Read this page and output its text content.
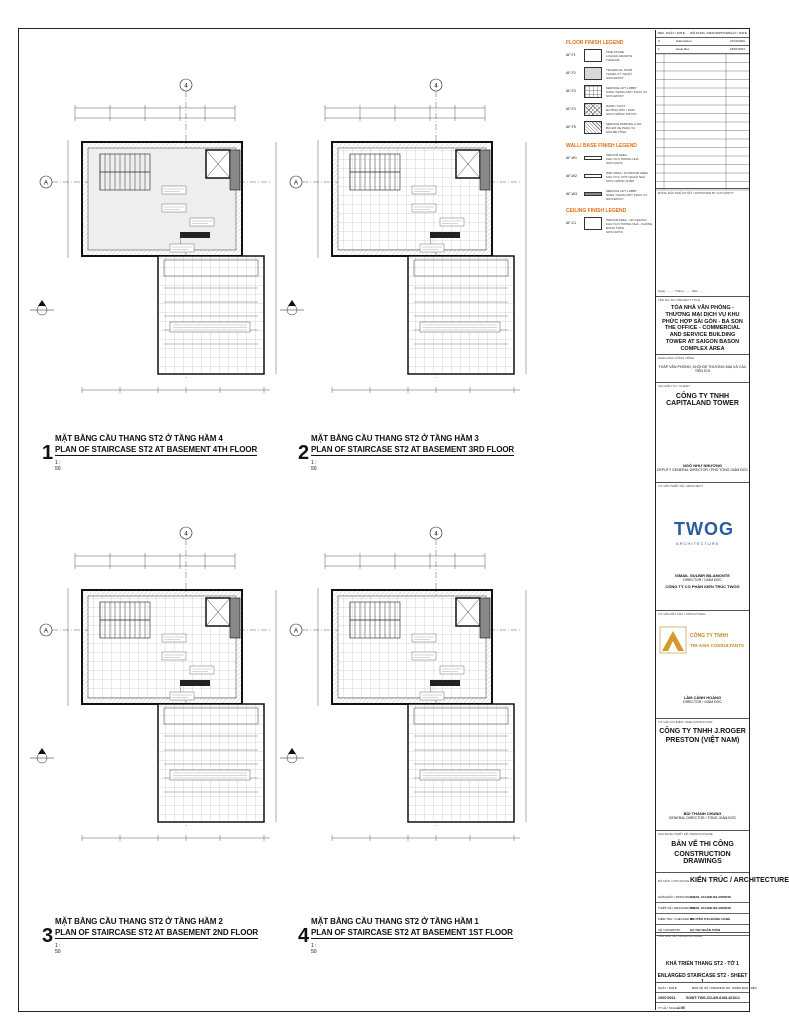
4
A
4
A
4
A
4
A
1
MẶT BẰNG CẦU THANG ST2 Ở TẦNG HẦM 4
PLAN OF STAIRCASE ST2 AT BASEMENT 4TH FLOOR
1 : 50
2
MẶT BẰNG CẦU THANG ST2 Ở TẦNG HẦM 3
PLAN OF STAIRCASE ST2 AT BASEMENT 3RD FLOOR
1 : 50
3
MẶT BẰNG CẦU THANG ST2 Ở TẦNG HẦM 2
PLAN OF STAIRCASE ST2 AT BASEMENT 2ND FLOOR
1 : 50
4
MẶT BẰNG CẦU THANG ST2 Ở TẦNG HẦM 1
PLAN OF STAIRCASE ST2 AT BASEMENT 1ST FLOOR
1 : 50
FLOOR FINISH LEGEND
AF-F1
FINE STONE
LOẠI ĐÁ GRANITE
THẢM ĐÁ
AF-F2
TECHNICAL STAIR
THANG KỸ THUẬT
SƠN EPOXY
AF-F3
SERVICE LIFT LOBBY
SẢNH THANG MÁY PHỤC VỤ
SƠN EPOXY
AF-F4
RAMP / FOOT
ĐƯỜNG DỐC / RAM
SƠN CHỐNG TRƯỢT
AF-F5
SERVICE PARKING & GR.
BÃI ĐỖ XE PHỤC VỤ
SÀN BÊ TÔNG
WALL/ BASE FINISH LEGEND
AF-W1
INDOOR AREA
KHU VỰC TRONG NHÀ
SƠN NƯỚC
AF-W2
WET AREA / OUTDOOR AREA
KHU VỰC ƯỚT NGOÀI NHÀ
SƠN CHỐNG THẤM
AF-W3
SERVICE LIFT LOBBY
SẢNH THANG MÁY PHỤC VỤ
SƠN EPOXY
CEILING FINISH LEGEND
AF-C1
INDOOR AREA - NO CEILING
KHU VỰC TRONG NHÀ - KHÔNG ĐÓNG TRẦN
SƠN NƯỚC
REV NGÀY / DATE NỘI DUNG / DESCRIPTION NGÀY / DATE
0	Submission	27/11/2020
1	Issue Rev	19/07/2021
ĐÓNG DẤU PHÊ DUYỆT / APPROVED BY AUTHORITY
Ngày .......... Tháng ........ Năm ........
TÊN DỰ ÁN / PROJECT TITLE
TÒA NHÀ VĂN PHÒNG - THƯƠNG MẠI DỊCH VỤ KHU PHỨC HỢP SÀI GÒN - BA SON
THE OFFICE - COMMERCIAL AND SERVICE BUILDING TOWER AT SAIGON BASON COMPLEX AREA
HẠNG MỤC CÔNG TRÌNH
THÁP VĂN PHÒNG, KHỐI ĐẾ THƯƠNG MẠI VÀ CÁC TIỆN ÍCH
CHỦ ĐẦU TƯ / CLIENT
CÔNG TY TNHH CAPITALAND TOWER
NGÔ NHƯ NHƯƠNG
DEPUTY GENERAL DIRECTOR / PHÓ TỔNG GIÁM ĐỐC
TƯ VẤN THIẾT KẾ / ARCHITECT
TWOG
ARCHITECTURE
ISMAIL GULBIR BILAMONTE
DIRECTOR / GIÁM ĐỐC
CÔNG TY CỔ PHẦN KIẾN TRÚC TWOG
TƯ VẤN KẾT CẤU / STRUCTURAL
CÔNG TY TNHH
TRI-ASIA CONSULTANTS
LÂM CẢNH HOÀNG
DIRECTOR / GIÁM ĐỐC
TƯ VẤN CƠ ĐIỆN / M&E CONSULTANT
CÔNG TY TNHH J.ROGER PRESTON (VIỆT NAM)
BÙI THÀNH CHUNG
GENERAL DIRECTOR / TỔNG GIÁM ĐỐC
GIAI ĐOẠN THIẾT KẾ / DESIGN PHASE
BẢN VẼ THI CÔNG
CONSTRUCTION DRAWINGS
BỘ MÔN / DISCIPLINE KIẾN TRÚC / ARCHITECTURE
GIÁM ĐỐC / PRINCIPAL
ISMAIL GULBIR BILAMONTE
THIẾT KẾ / DESIGNED BY
ISMAIL GULBIR BILAMONTE
KIỂM TRA / CHECKED BY
NGUYỄN THỊ HOÀNG OANH
VẼ / DRAWN BY	HÀ THU NGÂN TRẦN
TÊN BẢN VẼ / DRAWING NAME
KHẢ TRIỂN THANG ST2 - TỜ 1
ENLARGED STAIRCASE ST2 - SHEET 1
NGÀY / DATE	BẢN VẼ SỐ / DRAWING NO PHIÊN BẢN / REV
19/07/2021	SGWT-TWG-CD-AR-6108-42101 1
TỶ LỆ / SCALE 1:50
